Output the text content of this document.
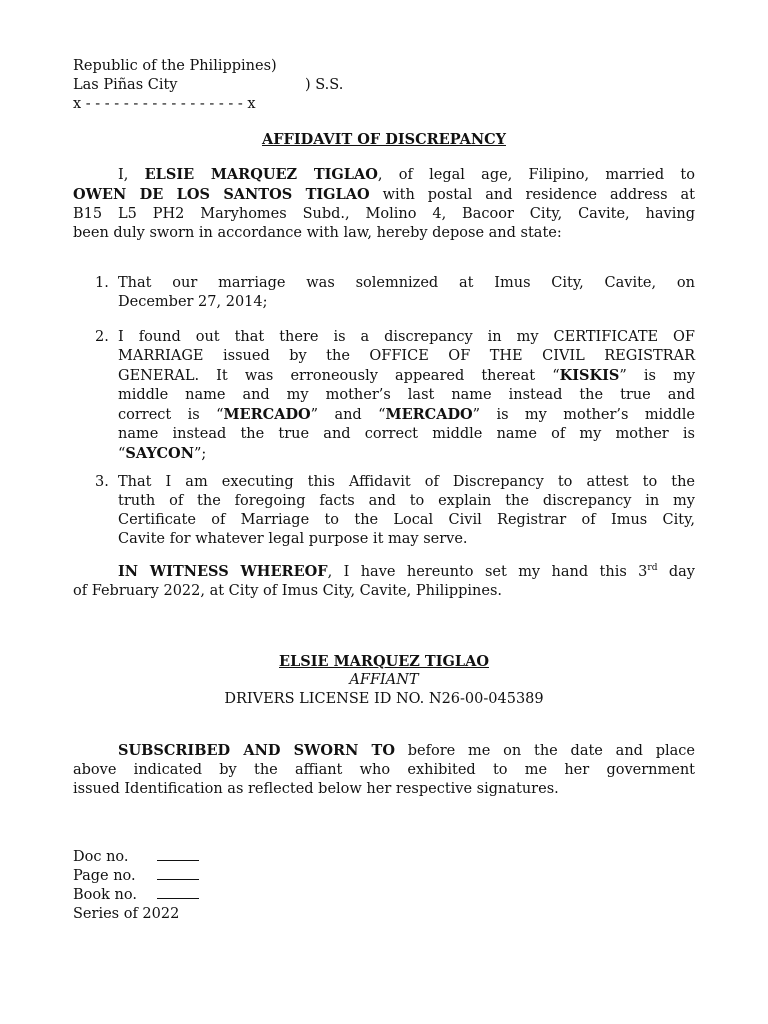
Republic of the Philippines)
Las Piñas City	) S.S.
x - - - - - - - - - - - - - - - - - x
AFFIDAVIT OF DISCREPANCY
I, ELSIE MARQUEZ TIGLAO, of legal age, Filipino, married to
OWEN DE LOS SANTOS TIGLAO with postal and residence address at
B15 L5 PH2 Maryhomes Subd., Molino 4, Bacoor City, Cavite, having
been duly sworn in accordance with law, hereby depose and state:
1. That our marriage was solemnized at Imus City, Cavite, on
December 27, 2014;
2. I found out that there is a discrepancy in my CERTIFICATE OF
MARRIAGE issued by the OFFICE OF THE CIVIL REGISTRAR
GENERAL. It was erroneously appeared thereat “KISKIS” is my
middle name and my mother’s last name instead the true and
correct is “MERCADO” and “MERCADO” is my mother’s middle
name instead the true and correct middle name of my mother is
“SAYCON”;
3. That I am executing this Affidavit of Discrepancy to attest to the
truth of the foregoing facts and to explain the discrepancy in my
Certificate of Marriage to the Local Civil Registrar of Imus City,
Cavite for whatever legal purpose it may serve.
IN WITNESS WHEREOF, I have hereunto set my hand this 3rd day
of February 2022, at City of Imus City, Cavite, Philippines.
ELSIE MARQUEZ TIGLAO
AFFIANT
DRIVERS LICENSE ID NO. N26-00-045389
SUBSCRIBED AND SWORN TO before me on the date and place
above indicated by the affiant who exhibited to me her government
issued Identification as reflected below her respective signatures.
Doc no.
Page no.
Book no.
Series of 2022
